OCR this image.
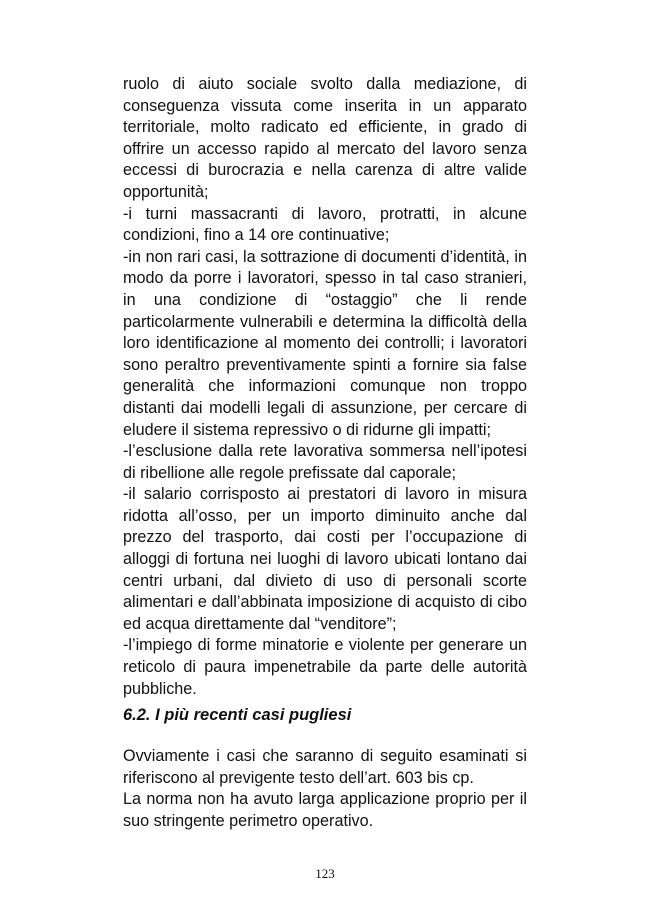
ruolo di aiuto sociale svolto dalla mediazione, di conseguenza vissuta come inserita in un apparato territoriale, molto radicato ed efficiente, in grado di offrire un accesso rapido al mercato del lavoro senza eccessi di burocrazia e nella carenza di altre valide opportunità;

-i turni massacranti di lavoro, protratti, in alcune condizioni, fino a 14 ore continuative;

-in non rari casi, la sottrazione di documenti d’identità, in modo da porre i lavoratori, spesso in tal caso stranieri, in una condizione di “ostaggio” che li rende particolarmente vulnerabili e determina la difficoltà della loro identificazione al momento dei controlli; i lavoratori sono peraltro preventivamente spinti a fornire sia false generalità che informazioni comunque non troppo distanti dai modelli legali di assunzione, per cercare di eludere il sistema repressivo o di ridurne gli impatti;

-l’esclusione dalla rete lavorativa sommersa nell’ipotesi di ribellione alle regole prefissate dal caporale;

-il salario corrisposto ai prestatori di lavoro in misura ridotta all’osso, per un importo diminuito anche dal prezzo del trasporto, dai costi per l’occupazione di alloggi di fortuna nei luoghi di lavoro ubicati lontano dai centri urbani, dal divieto di uso di personali scorte alimentari e dall’abbinata imposizione di acquisto di cibo ed acqua direttamente dal “venditore”;

-l’impiego di forme minatorie e violente per generare un reticolo di paura impenetrabile da parte delle autorità pubbliche.

6.2. I più recenti casi pugliesi

Ovviamente i casi che saranno di seguito esaminati si riferiscono al previgente testo dell’art. 603 bis cp.

La norma non ha avuto larga applicazione proprio per il suo stringente perimetro operativo.

123
